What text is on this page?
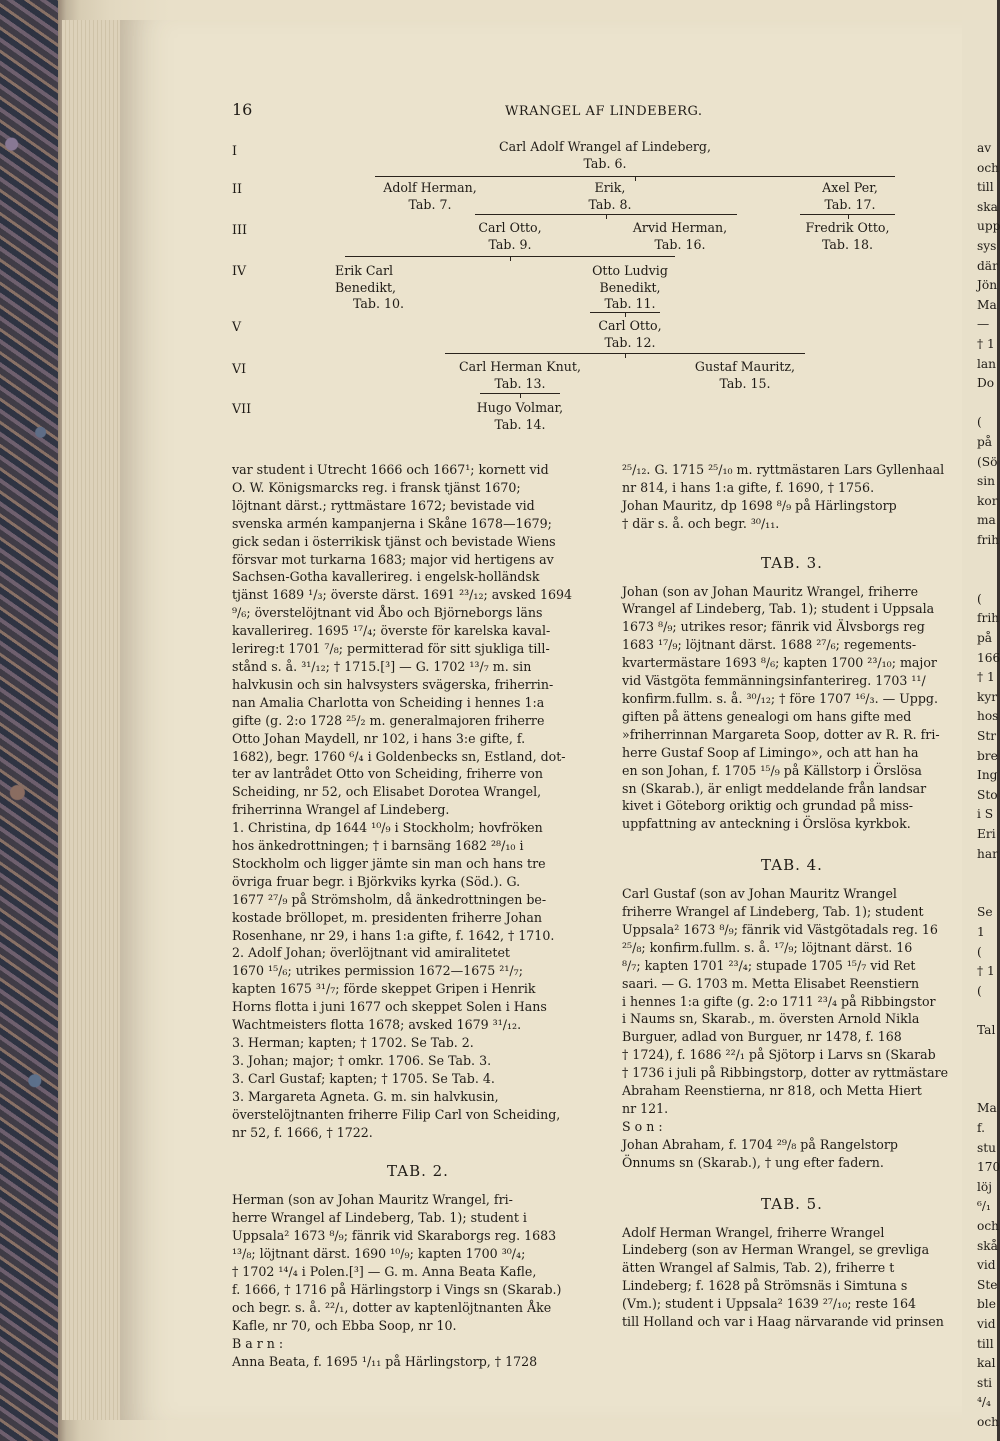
16	WRANGEL AF LINDEBERG.
I
II
III
IV
V
VI
VII
Carl Adolf Wrangel af Lindeberg,
Tab. 6.
Adolf Herman,
Tab. 7.
Erik,
Tab. 8.
Axel Per,
Tab. 17.
Carl Otto,
Tab. 9.
Arvid Herman,
Tab. 16.
Fredrik Otto,
Tab. 18.
Erik Carl
Benedikt,
Tab. 10.
Otto Ludvig
Benedikt,
Tab. 11.
Carl Otto,
Tab. 12.
Carl Herman Knut,
Tab. 13.
Gustaf Mauritz,
Tab. 15.
Hugo Volmar,
Tab. 14.

var student i Utrecht 1666 och 1667¹; kornett vid

O. W. Königsmarcks reg. i fransk tjänst 1670;

löjtnant därst.; ryttmästare 1672; bevistade vid

svenska armén kampanjerna i Skåne 1678—1679;

gick sedan i österrikisk tjänst och bevistade Wiens

försvar mot turkarna 1683; major vid hertigens av

Sachsen-Gotha kavallerireg. i engelsk-holländsk

tjänst 1689 ¹/₃; överste därst. 1691 ²³/₁₂; avsked 1694

⁹/₆; överstelöjtnant vid Åbo och Björneborgs läns

kavallerireg. 1695 ¹⁷/₄; överste för karelska kaval-

lerireg:t 1701 ⁷/₈; permitterad för sitt sjukliga till-

stånd s. å. ³¹/₁₂; † 1715.[³] — G. 1702 ¹³/₇ m. sin

halvkusin och sin halvsysters svägerska, friherrin-

nan Amalia Charlotta von Scheiding i hennes 1:a

gifte (g. 2:o 1728 ²⁵/₂ m. generalmajoren friherre

Otto Johan Maydell, nr 102, i hans 3:e gifte, f.

1682), begr. 1760 ⁶/₄ i Goldenbecks sn, Estland, dot-

ter av lantrådet Otto von Scheiding, friherre von

Scheiding, nr 52, och Elisabet Dorotea Wrangel,

friherrinna Wrangel af Lindeberg.

1. Christina, dp 1644 ¹⁰/₉ i Stockholm; hovfröken

hos änkedrottningen; † i barnsäng 1682 ²⁸/₁₀ i

Stockholm och ligger jämte sin man och hans tre

övriga fruar begr. i Björkviks kyrka (Söd.). G.

1677 ²⁷/₉ på Strömsholm, då änkedrottningen be-

kostade bröllopet, m. presidenten friherre Johan

Rosenhane, nr 29, i hans 1:a gifte, f. 1642, † 1710.

2. Adolf Johan; överlöjtnant vid amiralitetet

1670 ¹⁵/₆; utrikes permission 1672—1675 ²¹/₇;

kapten 1675 ³¹/₇; förde skeppet Gripen i Henrik

Horns flotta i juni 1677 och skeppet Solen i Hans

Wachtmeisters flotta 1678; avsked 1679 ³¹/₁₂.

3. Herman; kapten; † 1702. Se Tab. 2.

3. Johan; major; † omkr. 1706. Se Tab. 3.

3. Carl Gustaf; kapten; † 1705. Se Tab. 4.

3. Margareta Agneta. G. m. sin halvkusin,

överstelöjtnanten friherre Filip Carl von Scheiding,

nr 52, f. 1666, † 1722.

TAB. 2.

Herman (son av Johan Mauritz Wrangel, fri-

herre Wrangel af Lindeberg, Tab. 1); student i

Uppsala² 1673 ⁸/₉; fänrik vid Skaraborgs reg. 1683

¹³/₈; löjtnant därst. 1690 ¹⁰/₉; kapten 1700 ³⁰/₄;

† 1702 ¹⁴/₄ i Polen.[³] — G. m. Anna Beata Kafle,

f. 1666, † 1716 på Härlingstorp i Vings sn (Skarab.)

och begr. s. å. ²²/₁, dotter av kaptenlöjtnanten Åke

Kafle, nr 70, och Ebba Soop, nr 10.

B a r n :

Anna Beata, f. 1695 ¹/₁₁ på Härlingstorp, † 1728

²⁵/₁₂. G. 1715 ²⁵/₁₀ m. ryttmästaren Lars Gyllenhaal

nr 814, i hans 1:a gifte, f. 1690, † 1756.

Johan Mauritz, dp 1698 ⁸/₉ på Härlingstorp

† där s. å. och begr. ³⁰/₁₁.

TAB. 3.

Johan (son av Johan Mauritz Wrangel, friherre

Wrangel af Lindeberg, Tab. 1); student i Uppsala

1673 ⁸/₉; utrikes resor; fänrik vid Älvsborgs reg

1683 ¹⁷/₉; löjtnant därst. 1688 ²⁷/₆; regements-

kvartermästare 1693 ⁸/₆; kapten 1700 ²³/₁₀; major

vid Västgöta femmänningsinfanterireg. 1703 ¹¹/

konfirm.fullm. s. å. ³⁰/₁₂; † före 1707 ¹⁶/₃. — Uppg.

giften på ättens genealogi om hans gifte med

»friherrinnan Margareta Soop, dotter av R. R. fri-

herre Gustaf Soop af Limingo», och att han ha

en son Johan, f. 1705 ¹⁵/₉ på Källstorp i Örslösa

sn (Skarab.), är enligt meddelande från landsar

kivet i Göteborg oriktig och grundad på miss-

uppfattning av anteckning i Örslösa kyrkbok.

TAB. 4.

Carl Gustaf (son av Johan Mauritz Wrangel

friherre Wrangel af Lindeberg, Tab. 1); student

Uppsala² 1673 ⁸/₉; fänrik vid Västgötadals reg. 16

²⁵/₈; konfirm.fullm. s. å. ¹⁷/₉; löjtnant därst. 16

⁸/₇; kapten 1701 ²³/₄; stupade 1705 ¹⁵/₇ vid Ret

saari. — G. 1703 m. Metta Elisabet Reenstiern

i hennes 1:a gifte (g. 2:o 1711 ²³/₄ på Ribbingstor

i Naums sn, Skarab., m. översten Arnold Nikla

Burguer, adlad von Burguer, nr 1478, f. 168

† 1724), f. 1686 ²²/₁ på Sjötorp i Larvs sn (Skarab

† 1736 i juli på Ribbingstorp, dotter av ryttmästare

Abraham Reenstierna, nr 818, och Metta Hiert

nr 121.

S o n :

Johan Abraham, f. 1704 ²⁹/₈ på Rangelstorp

Önnums sn (Skarab.), † ung efter fadern.

TAB. 5.

Adolf Herman Wrangel, friherre Wrangel

Lindeberg (son av Herman Wrangel, se grevliga

ätten Wrangel af Salmis, Tab. 2), friherre t

Lindeberg; f. 1628 på Strömsnäs i Simtuna s

(Vm.); student i Uppsala² 1639 ²⁷/₁₀; reste 164

till Holland och var i Haag närvarande vid prinsen

av
och
till
ska
upp
sys
där
Jön
Ma
—
† 1
lan
Do
(
på
(Sö
sin
kor
ma
frih
(
frih
på
166
† 1
kyr
hos
Str
bre
Ing
Sto
i S
Eri
har
Se
1
(
† 1
(
Tal
Ma
f.
stu
170
löj
⁶/₁
och
skå
vid
Ste
ble
vid
till
kal
sti
⁴/₄
och
